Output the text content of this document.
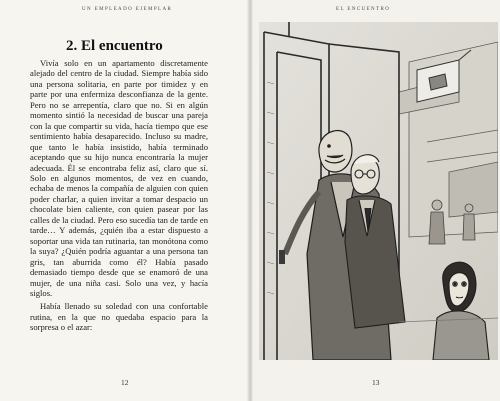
UN EMPLEADO EJEMPLAR
2. El encuentro

Vivía solo en un apartamento discretamente alejado del centro de la ciudad. Siempre había sido una persona solitaria, en parte por timidez y en parte por una enfermiza desconfianza de la gente. Pero no se arrepentía, claro que no. Si en algún momento sintió la necesidad de buscar una pareja con la que compartir su vida, hacía tiempo que ese sentimiento había desaparecido. Incluso su madre, que tanto le había insistido, había terminado aceptando que su hijo nunca encontraría la mujer adecuada. Él se encontraba feliz así, claro que sí. Solo en algunos momentos, de vez en cuando, echaba de menos la compañía de alguien con quien poder charlar, a quien invitar a tomar despacio un chocolate bien caliente, con quien pasear por las calles de la ciudad. Pero eso sucedía tan de tarde en tarde… Y además, ¿quién iba a estar dispuesto a soportar una vida tan rutinaria, tan monótona como la suya? ¿Quién podría aguantar a una persona tan gris, tan aburrida como él? Había pasado demasiado tiempo desde que se enamoró de una mujer, de una niña casi. Solo una vez, y hacía siglos.

Había llenado su soledad con una confortable rutina, en la que no quedaba espacio para la sorpresa o el azar:

12
EL ENCUENTRO
13
